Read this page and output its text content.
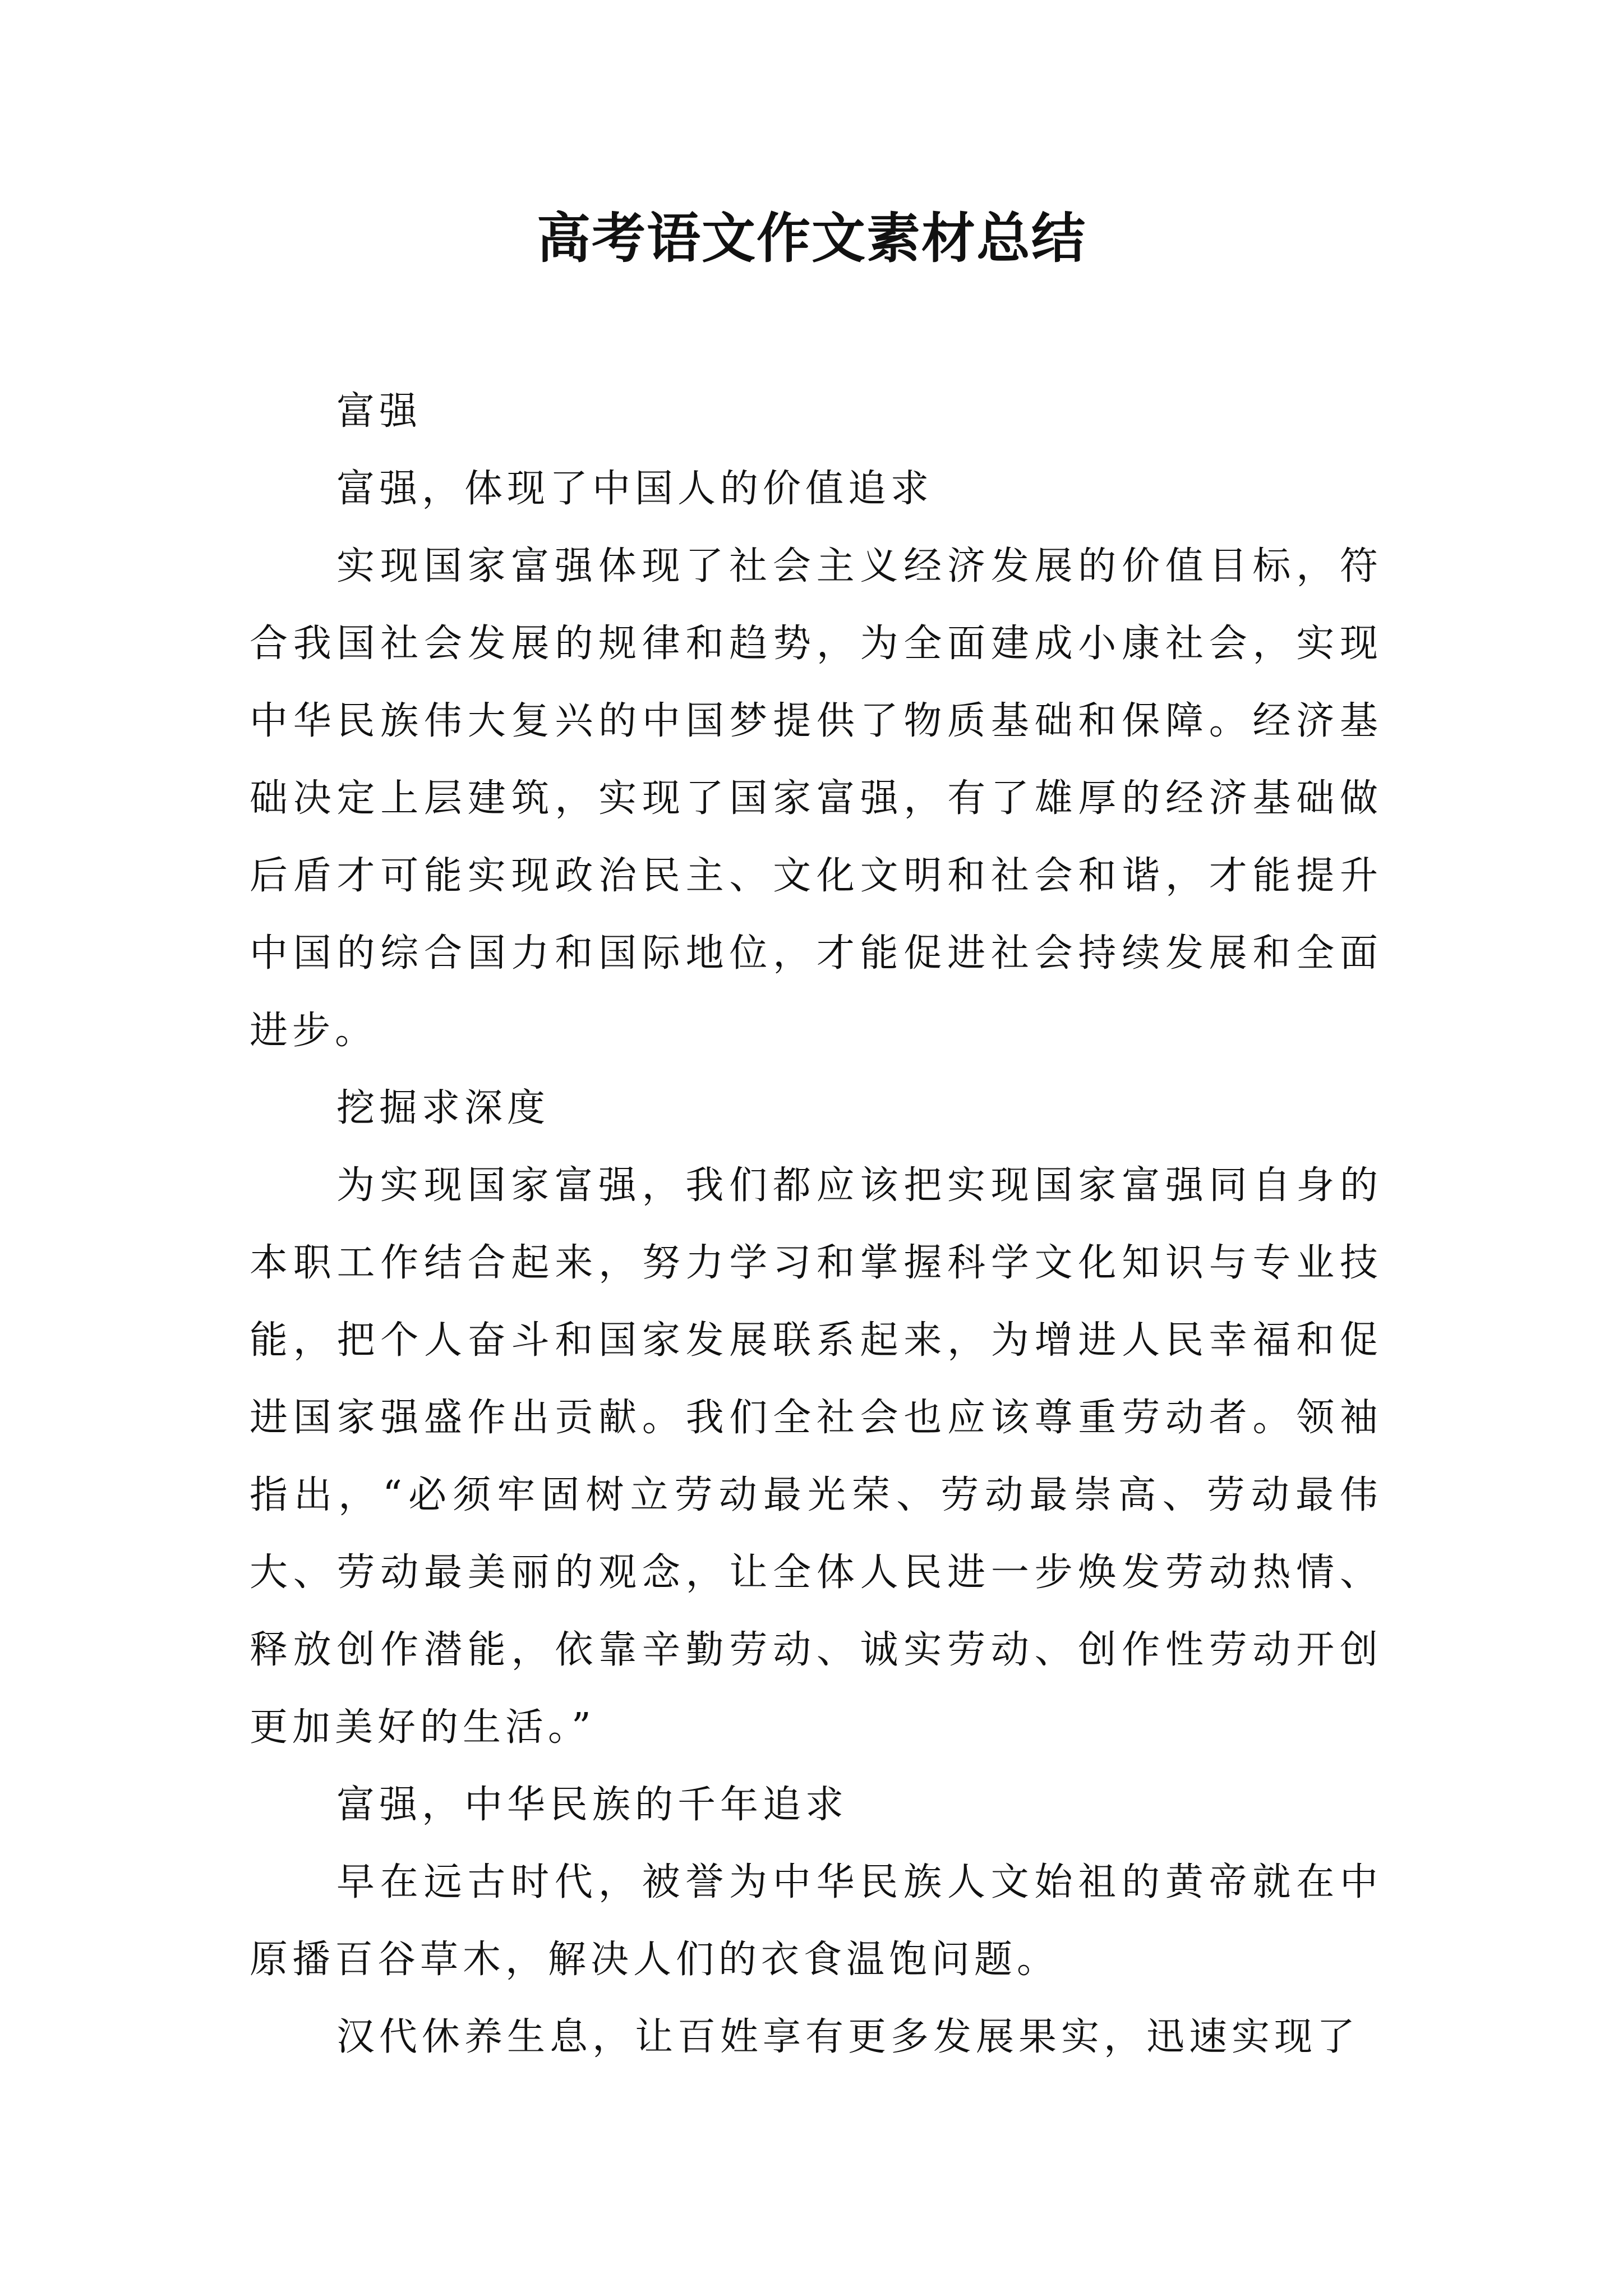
高考语文作文素材总结

富强

富强，体现了中国人的价值追求

实现国家富强体现了社会主义经济发展的价值目标，符合我国社会发展的规律和趋势，为全面建成小康社会，实现中华民族伟大复兴的中国梦提供了物质基础和保障。经济基础决定上层建筑，实现了国家富强，有了雄厚的经济基础做后盾才可能实现政治民主、文化文明和社会和谐，才能提升中国的综合国力和国际地位，才能促进社会持续发展和全面进步。

挖掘求深度

为实现国家富强，我们都应该把实现国家富强同自身的本职工作结合起来，努力学习和掌握科学文化知识与专业技能，把个人奋斗和国家发展联系起来，为增进人民幸福和促进国家强盛作出贡献。我们全社会也应该尊重劳动者。领袖指出，“必须牢固树立劳动最光荣、劳动最崇高、劳动最伟大、劳动最美丽的观念，让全体人民进一步焕发劳动热情、释放创作潜能，依靠辛勤劳动、诚实劳动、创作性劳动开创更加美好的生活。”

富强，中华民族的千年追求

早在远古时代，被誉为中华民族人文始祖的黄帝就在中原播百谷草木，解决人们的衣食温饱问题。

汉代休养生息，让百姓享有更多发展果实，迅速实现了
